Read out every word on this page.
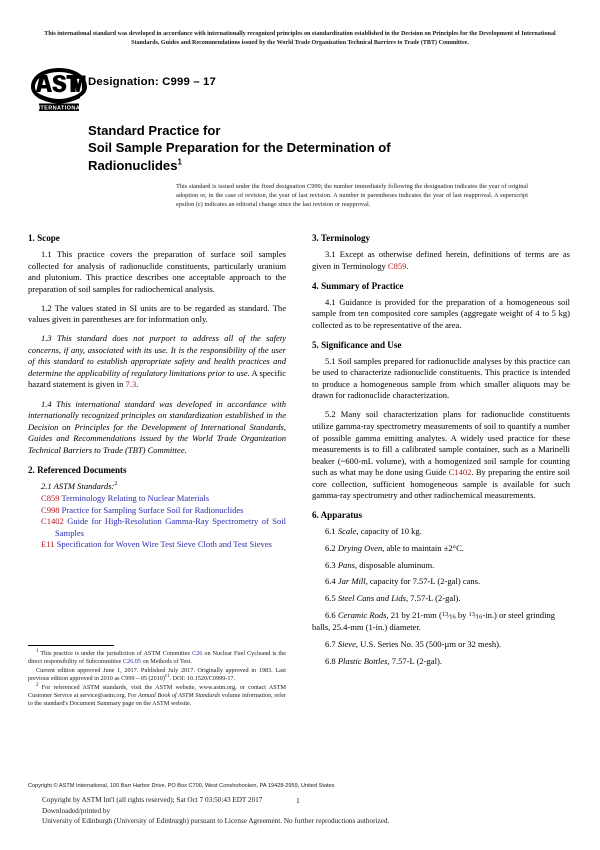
This international standard was developed in accordance with internationally recognized principles on standardization established in the Decision on Principles for the Development of International Standards, Guides and Recommendations issued by the World Trade Organization Technical Barriers to Trade (TBT) Committee.
INTERNATIONAL
Designation: C999 – 17
Standard Practice for
Soil Sample Preparation for the Determination of
Radionuclides$^1$
This standard is issued under the fixed designation C999; the number immediately following the designation indicates the year of original adoption or, in the case of revision, the year of last revision. A number in parentheses indicates the year of last reapproval. A superscript epsilon (ε) indicates an editorial change since the last revision or reapproval.
1. Scope

1.1 This practice covers the preparation of surface soil samples collected for analysis of radionuclide constituents, particularly uranium and plutonium. This practice describes one acceptable approach to the preparation of soil samples for radiochemical analysis.

1.2 The values stated in SI units are to be regarded as standard. The values given in parentheses are for information only.

1.3 This standard does not purport to address all of the safety concerns, if any, associated with its use. It is the responsibility of the user of this standard to establish appropriate safety and health practices and determine the applicability of regulatory limitations prior to use. A specific hazard statement is given in 7.3.

1.4 This international standard was developed in accordance with internationally recognized principles on standardization established in the Decision on Principles for the Development of International Standards, Guides and Recommendations issued by the World Trade Organization Technical Barriers to Trade (TBT) Committee.

2. Referenced Documents

2.1 ASTM Standards:$^2$

C859 Terminology Relating to Nuclear Materials

C998 Practice for Sampling Surface Soil for Radionuclides

C1402 Guide for High-Resolution Gamma-Ray Spectrometry of Soil Samples

E11 Specification for Woven Wire Test Sieve Cloth and Test Sieves

3. Terminology

3.1 Except as otherwise defined herein, definitions of terms are as given in Terminology C859.

4. Summary of Practice

4.1 Guidance is provided for the preparation of a homogeneous soil sample from ten composited core samples (aggregate weight of 4 to 5 kg) collected as to be representative of the area.

5. Significance and Use

5.1 Soil samples prepared for radionuclide analyses by this practice can be used to characterize radionuclide constituents. This practice is intended to produce a homogeneous sample from which smaller aliquots may be drawn for radionuclide characterization.

5.2 Many soil characterization plans for radionuclide constituents utilize gamma-ray spectrometry measurements of soil to quantify a number of possible gamma emitting analytes. A widely used practice for these measurements is to fill a calibrated sample container, such as a Marinelli beaker (~600-mL volume), with a homogenized soil sample for counting such as what may be done using Guide C1402. By preparing the entire soil core collection, sufficient homogeneous sample is available for such gamma-ray spectrometry and other radiochemical measurements.

6. Apparatus

6.1 Scale, capacity of 10 kg.

6.2 Drying Oven, able to maintain ±2°C.

6.3 Pans, disposable aluminum.

6.4 Jar Mill, capacity for 7.57-L (2-gal) cans.

6.5 Steel Cans and Lids, 7.57-L (2-gal).

6.6 Ceramic Rods, 21 by 21-mm ($^{13}⁄_{16}$ by $^{13}⁄_{16}-in$.) or steel grinding balls, 25.4-mm (1-in.) diameter.

6.7 Sieve, U.S. Series No. 35 (500-µm or 32 mesh).

6.8 Plastic Bottles, 7.57-L (2-gal).

$^1$ This practice is under the jurisdiction of ASTM Committee C26 on Nuclear Fuel Cycleand is the direct responsibility of Subcommittee C26.05 on Methods of Test.

Current edition approved June 1, 2017. Published July 2017. Originally approved in 1983. Last previous edition approved in 2010 as C999 – 05 (2010)$^{\varepsilon 1}$. DOI: 10.1520/C0999-17.

$^2$ For referenced ASTM standards, visit the ASTM website, www.astm.org, or contact ASTM Customer Service at service@astm.org. For Annual Book of ASTM Standards volume information, refer to the standard's Document Summary page on the ASTM website.

Copyright © ASTM International, 100 Barr Harbor Drive, PO Box C700, West Conshohocken, PA 19428-2959, United States
Copyright by ASTM Int'l (all rights reserved); Sat Oct 7 03:50:43 EDT 2017
Downloaded/printed by
University of Edinburgh (University of Edinburgh) pursuant to License Agreement. No further reproductions authorized.
1
